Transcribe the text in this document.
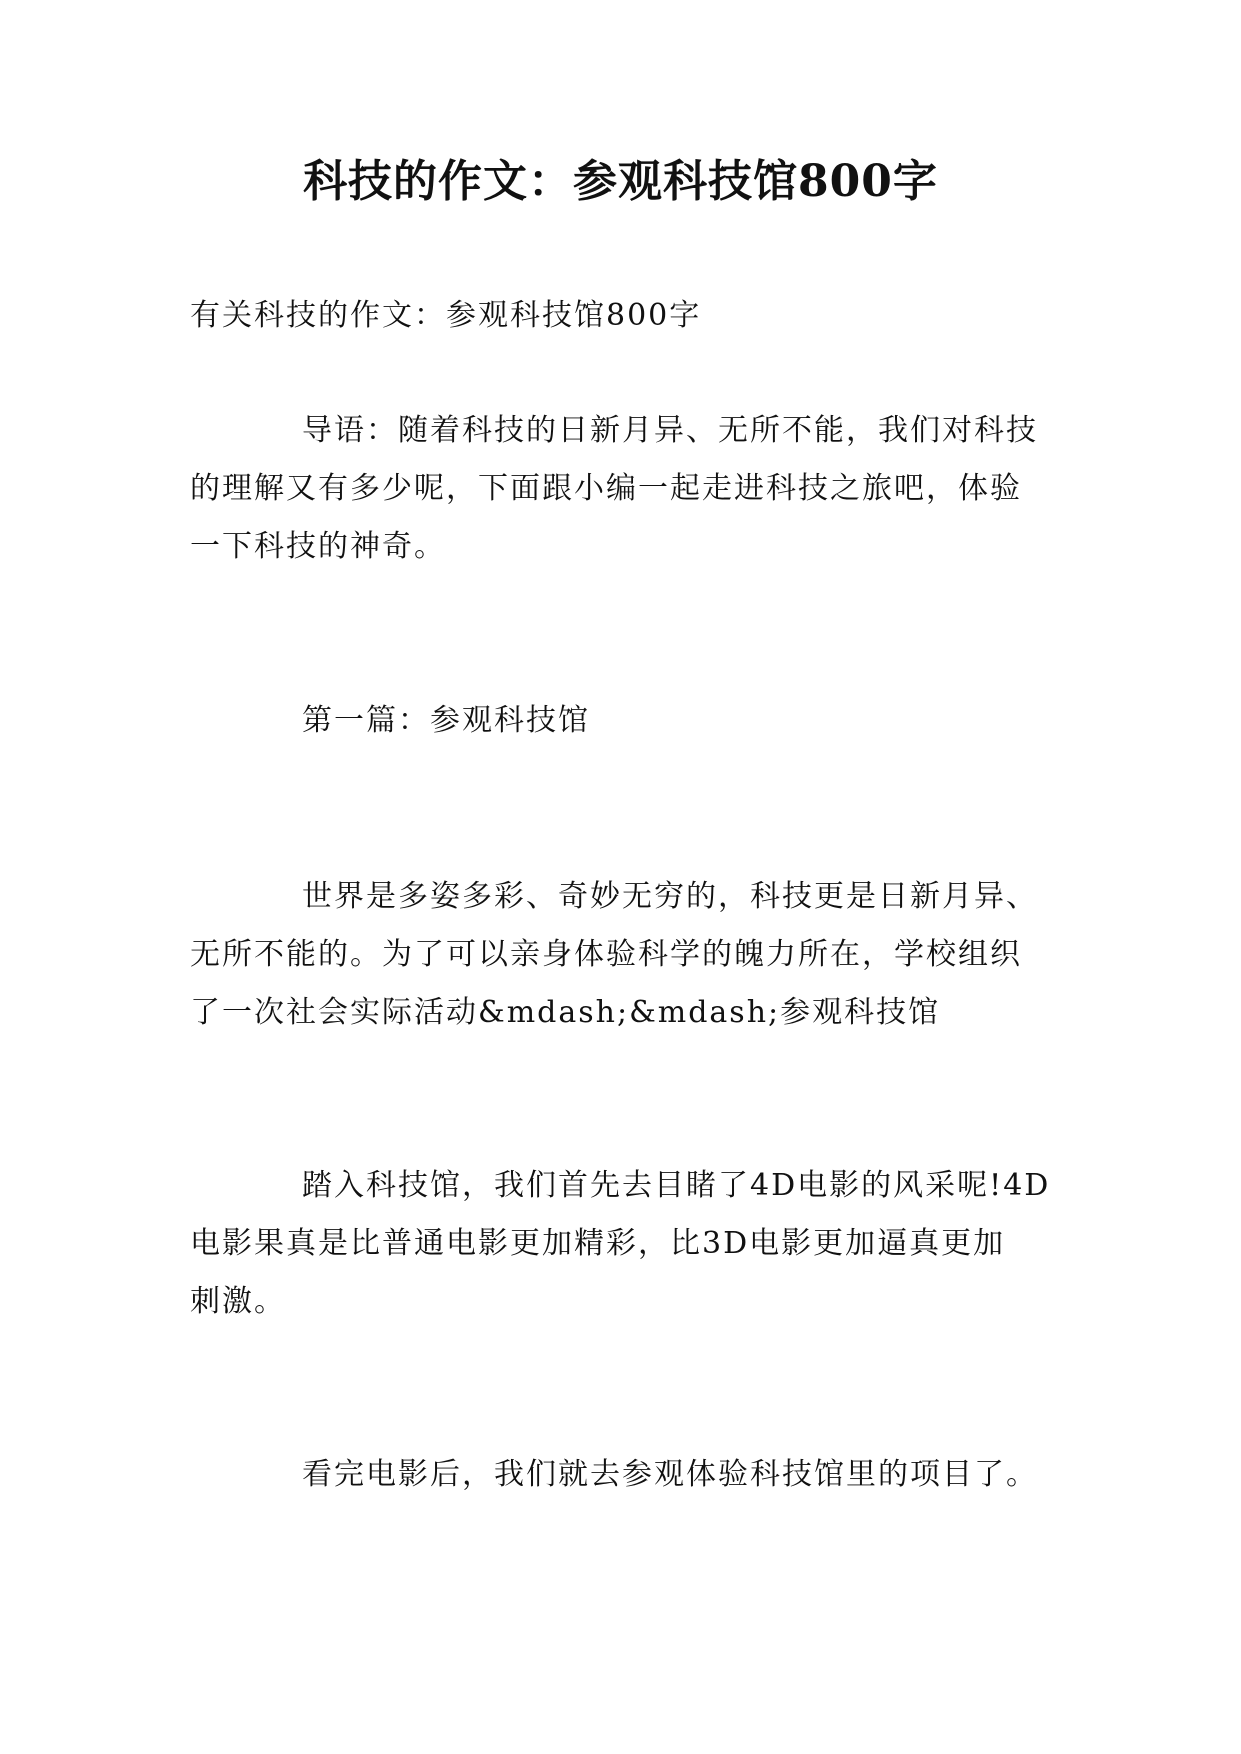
科技的作文：参观科技馆800字

有关科技的作文：参观科技馆800字

导语：随着科技的日新月异、无所不能，我们对科技
的理解又有多少呢，下面跟小编一起走进科技之旅吧，体验
一下科技的神奇。

第一篇：参观科技馆

世界是多姿多彩、奇妙无穷的，科技更是日新月异、
无所不能的。为了可以亲身体验科学的魄力所在，学校组织
了一次社会实际活动&mdash;&mdash;参观科技馆

踏入科技馆，我们首先去目睹了4D电影的风采呢!4D
电影果真是比普通电影更加精彩，比3D电影更加逼真更加
刺激。

看完电影后，我们就去参观体验科技馆里的项目了。
